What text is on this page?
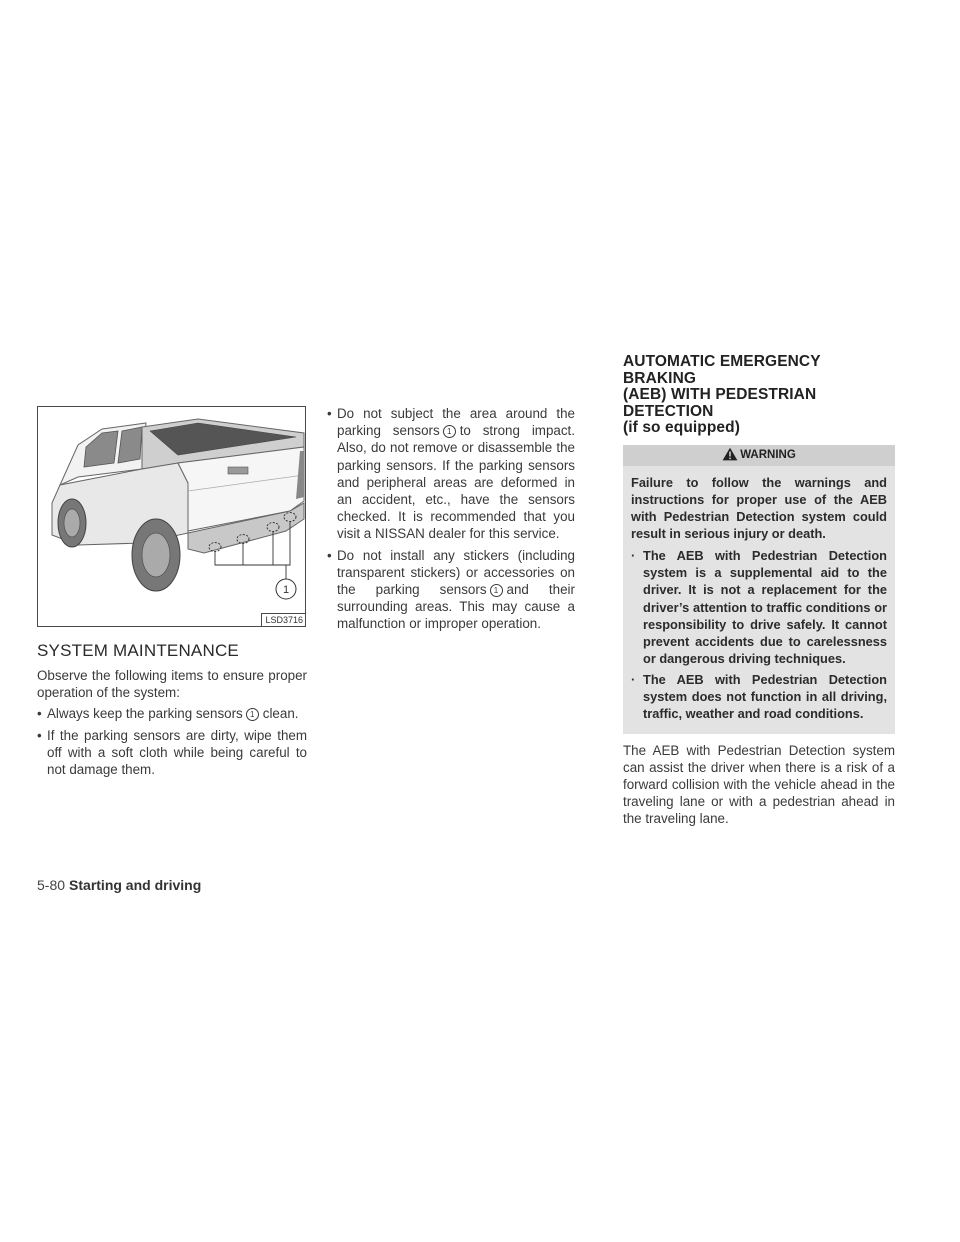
1
LSD3716
SYSTEM MAINTENANCE

Observe the following items to ensure proper operation of the system:

• Always keep the parking sensors 1 clean.
• If the parking sensors are dirty, wipe them off with a soft cloth while being careful to not damage them.
• Do not subject the area around the parking sensors 1 to strong impact. Also, do not remove or disassemble the parking sensors. If the parking sensors and peripheral areas are deformed in an accident, etc., have the sensors checked. It is recommended that you visit a NISSAN dealer for this service.
• Do not install any stickers (including transparent stickers) or accessories on the parking sensors 1 and their surrounding areas. This may cause a malfunction or improper operation.
AUTOMATIC EMERGENCY BRAKING
(AEB) WITH PEDESTRIAN DETECTION
(if so equipped)
WARNING

Failure to follow the warnings and instructions for proper use of the AEB with Pedestrian Detection system could result in serious injury or death.

· The AEB with Pedestrian Detection system is a supplemental aid to the driver. It is not a replacement for the driver’s attention to traffic conditions or responsibility to drive safely. It cannot prevent accidents due to carelessness or dangerous driving techniques.
· The AEB with Pedestrian Detection system does not function in all driving, traffic, weather and road conditions.

The AEB with Pedestrian Detection system can assist the driver when there is a risk of a forward collision with the vehicle ahead in the traveling lane or with a pedestrian ahead in the traveling lane.

5-80 Starting and driving
